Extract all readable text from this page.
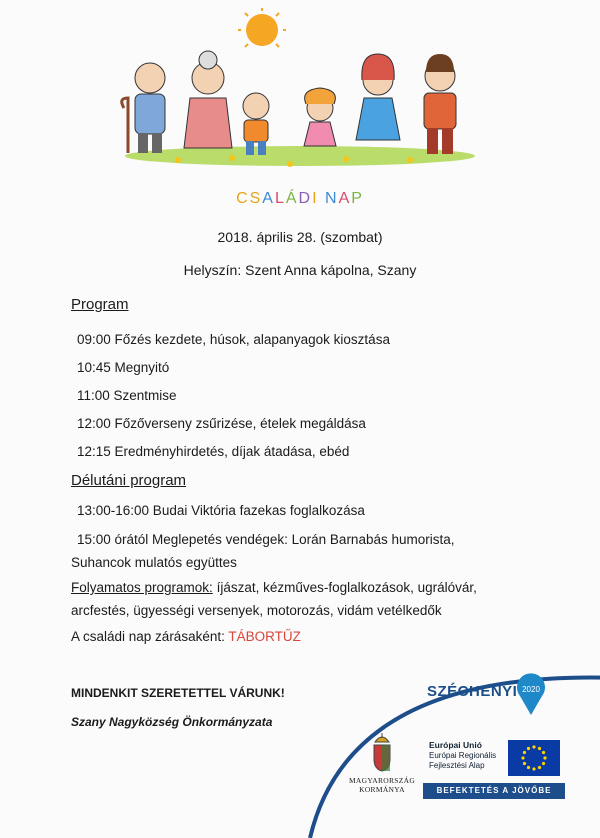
CSALÁDI NAP
2018. április 28. (szombat)
Helyszín: Szent Anna kápolna, Szany
Program
09:00 Főzés kezdete, húsok, alapanyagok kiosztása
10:45 Megnyitó
11:00 Szentmise
12:00 Főzőverseny zsűrizése, ételek megáldása
12:15 Eredményhirdetés, díjak átadása, ebéd
Délutáni program
13:00-16:00 Budai Viktória fazekas foglalkozása
15:00 órától Meglepetés vendégek: Lorán Barnabás humorista,
Suhancok mulatós együttes
Folyamatos programok: íjászat, kézműves-foglalkozások, ugrálóvár,
arcfestés, ügyességi versenyek, motorozás, vidám vetélkedők
A családi nap zárásaként: TÁBORTŰZ
MINDENKIT SZERETETTEL VÁRUNK!
Szany Nagyközség Önkormányzata
SZÉCHENYI 2020
MAGYARORSZÁG
KORMÁNYA
Európai Unió
Európai Regionális
Fejlesztési Alap
BEFEKTETÉS A JÖVŐBE
